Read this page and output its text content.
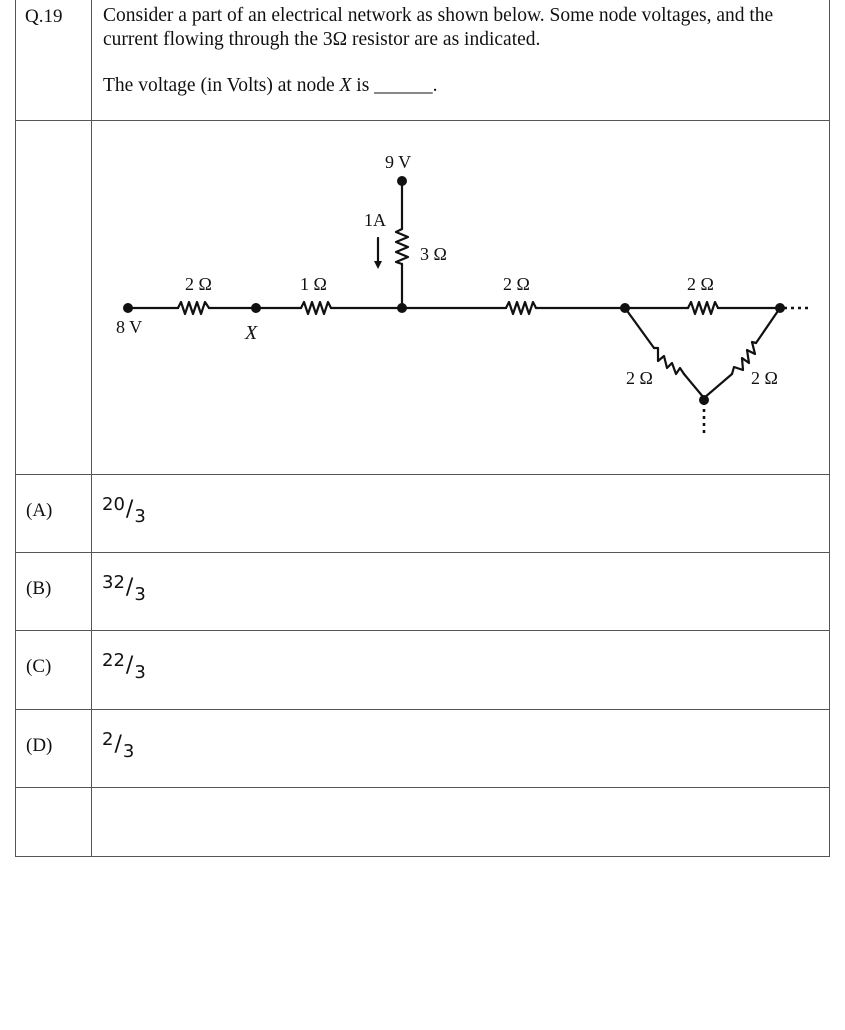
Q.19 Consider a part of an electrical network as shown below. Some node voltages, and the current flowing through the 3Ω resistor are as indicated.
The voltage (in Volts) at node X is ______.
9 V
1A
3 Ω
2 Ω	1 Ω	2 Ω	2 Ω
8 V	X
2 Ω	2 Ω
(A)	20/3
(B)	32/3
(C)	22/3
(D)	2/3
